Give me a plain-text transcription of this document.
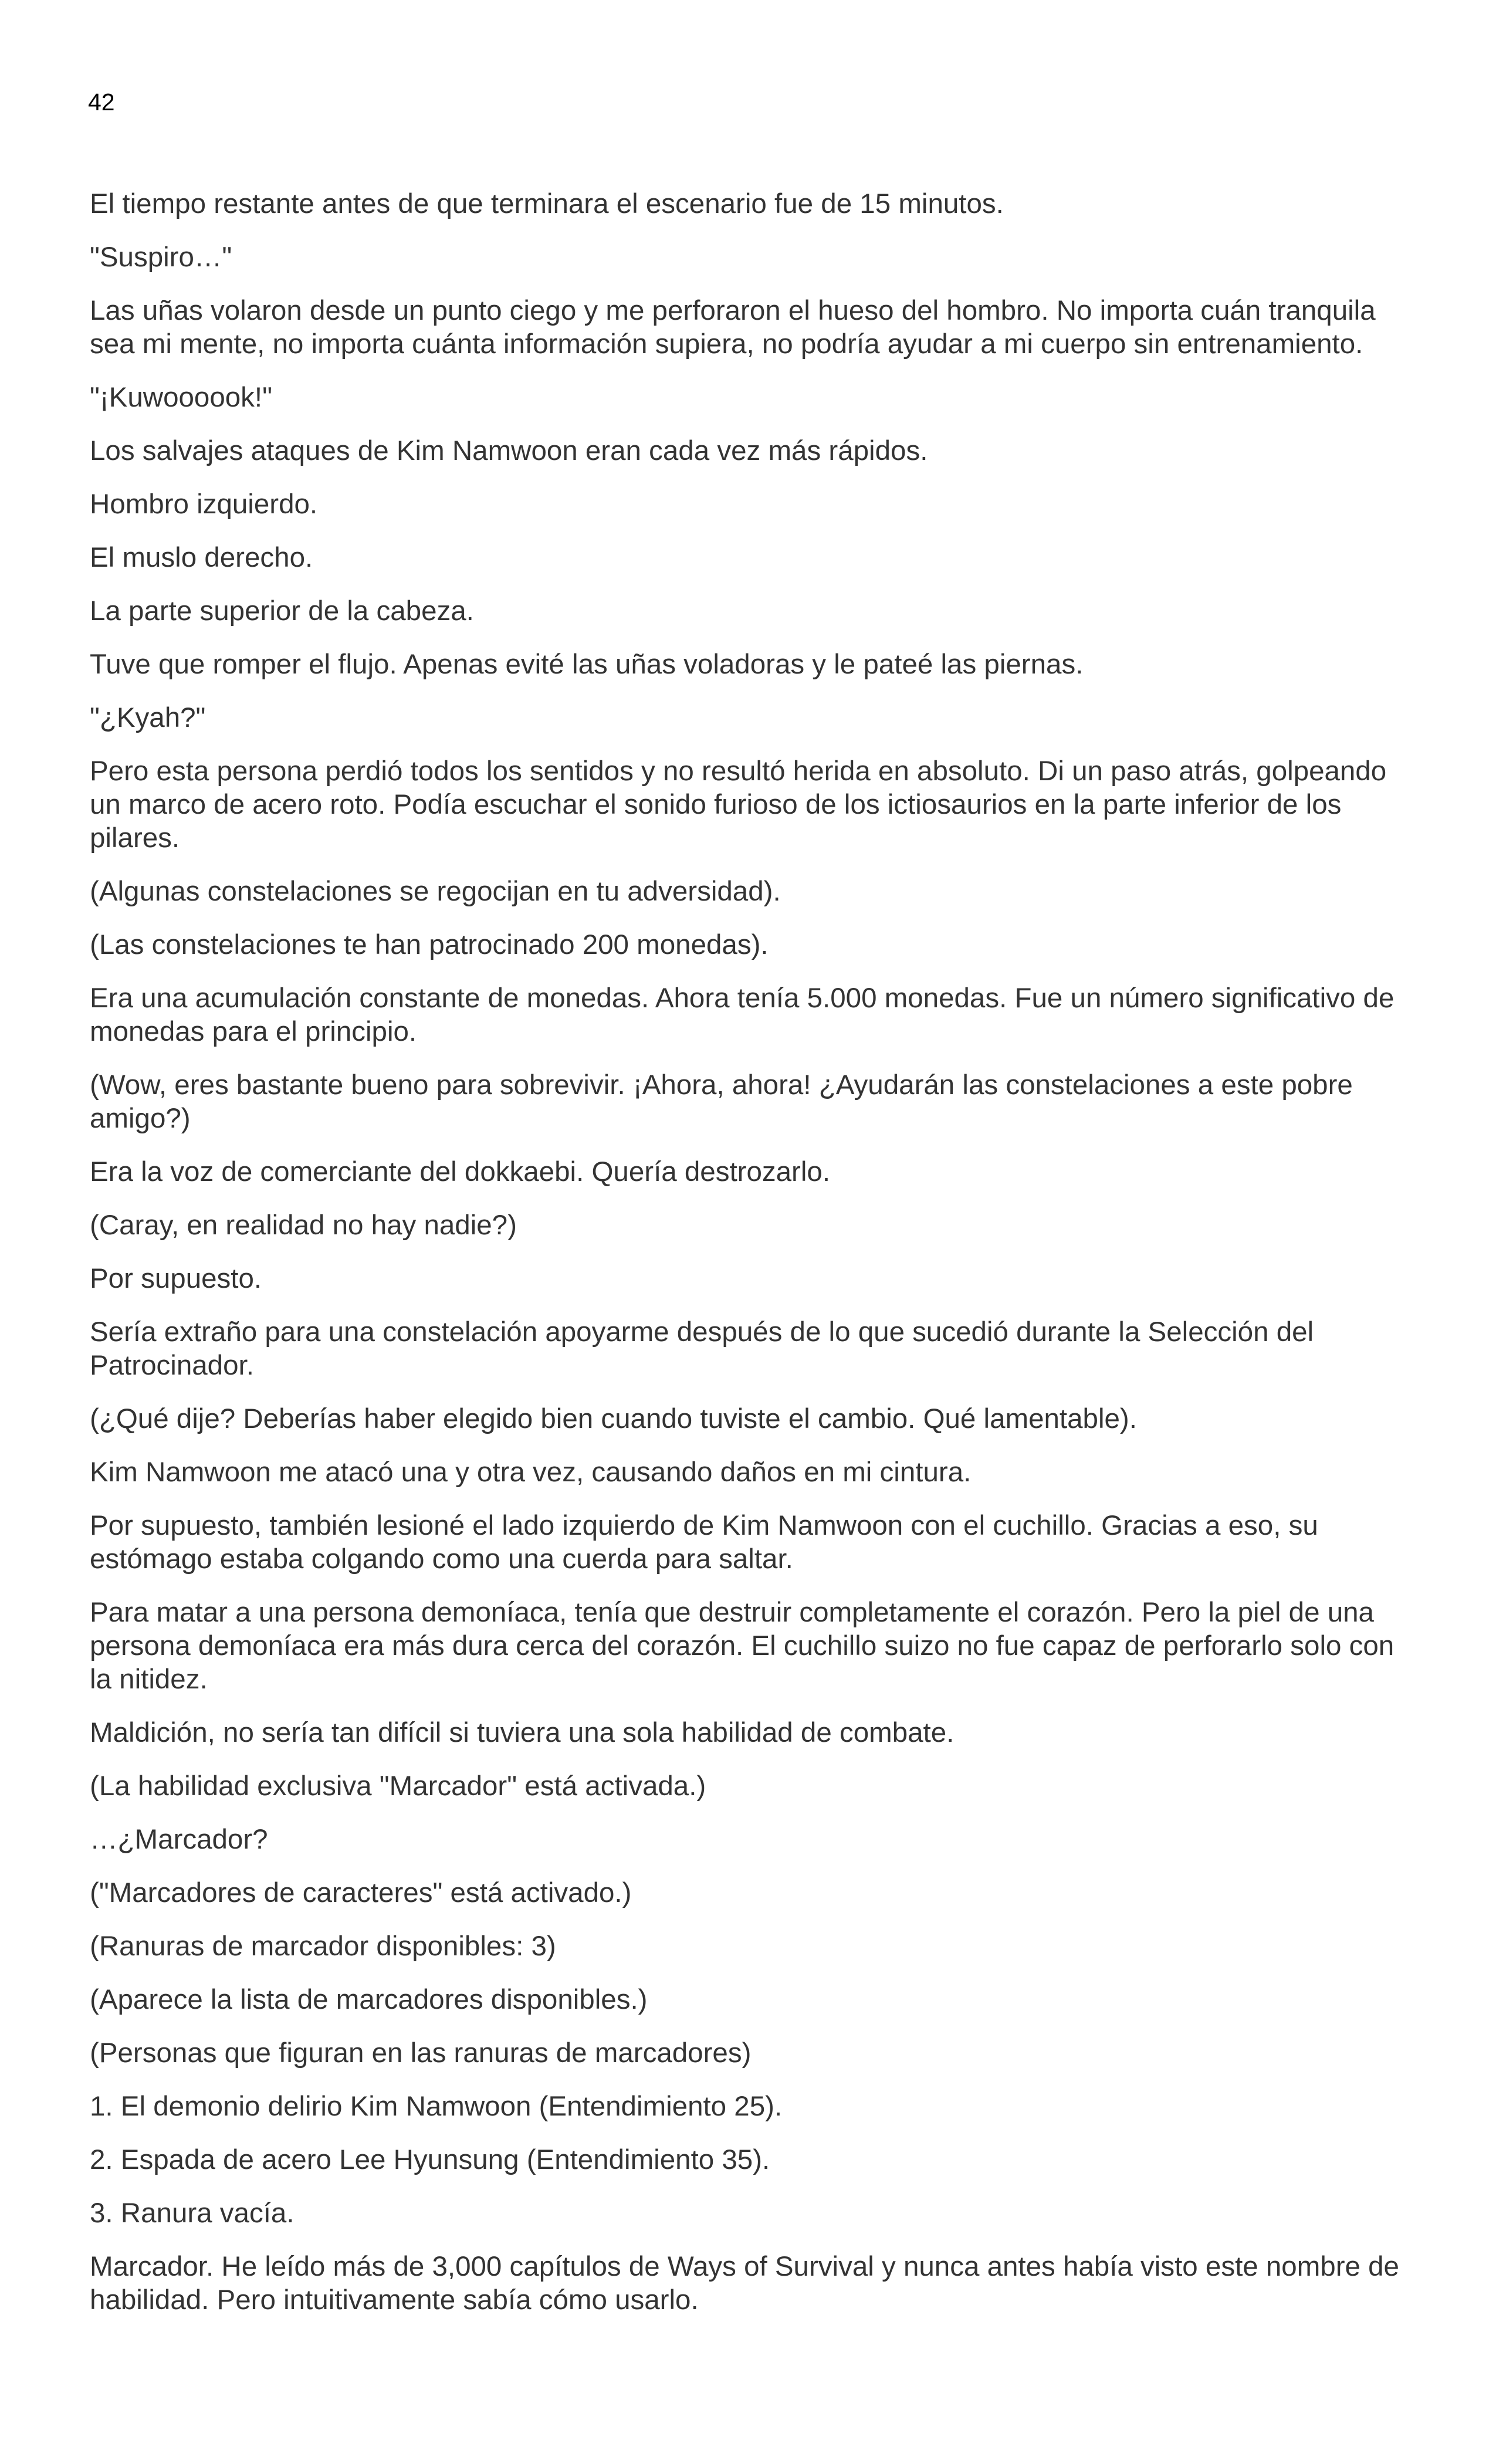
42

El tiempo restante antes de que terminara el escenario fue de 15 minutos.

"Suspiro…"

Las uñas volaron desde un punto ciego y me perforaron el hueso del hombro. No importa cuán tranquila sea mi mente, no importa cuánta información supiera, no podría ayudar a mi cuerpo sin entrenamiento.

"¡Kuwoooook!"

Los salvajes ataques de Kim Namwoon eran cada vez más rápidos.

Hombro izquierdo.

El muslo derecho.

La parte superior de la cabeza.

Tuve que romper el flujo. Apenas evité las uñas voladoras y le pateé las piernas.

"¿Kyah?"

Pero esta persona perdió todos los sentidos y no resultó herida en absoluto. Di un paso atrás, golpeando un marco de acero roto. Podía escuchar el sonido furioso de los ictiosaurios en la parte inferior de los pilares.

(Algunas constelaciones se regocijan en tu adversidad).

(Las constelaciones te han patrocinado 200 monedas).

Era una acumulación constante de monedas. Ahora tenía 5.000 monedas. Fue un número significativo de monedas para el principio.

(Wow, eres bastante bueno para sobrevivir. ¡Ahora, ahora! ¿Ayudarán las constelaciones a este pobre amigo?)

Era la voz de comerciante del dokkaebi. Quería destrozarlo.

(Caray, en realidad no hay nadie?)

Por supuesto.

Sería extraño para una constelación apoyarme después de lo que sucedió durante la Selección del Patrocinador.

(¿Qué dije? Deberías haber elegido bien cuando tuviste el cambio. Qué lamentable).

Kim Namwoon me atacó una y otra vez, causando daños en mi cintura.

Por supuesto, también lesioné el lado izquierdo de Kim Namwoon con el cuchillo. Gracias a eso, su estómago estaba colgando como una cuerda para saltar.

Para matar a una persona demoníaca, tenía que destruir completamente el corazón. Pero la piel de una persona demoníaca era más dura cerca del corazón. El cuchillo suizo no fue capaz de perforarlo solo con la nitidez.

Maldición, no sería tan difícil si tuviera una sola habilidad de combate.

(La habilidad exclusiva "Marcador" está activada.)

…¿Marcador?

("Marcadores de caracteres" está activado.)

(Ranuras de marcador disponibles: 3)

(Aparece la lista de marcadores disponibles.)

(Personas que figuran en las ranuras de marcadores)

1. El demonio delirio Kim Namwoon (Entendimiento 25).

2. Espada de acero Lee Hyunsung (Entendimiento 35).

3. Ranura vacía.

Marcador. He leído más de 3,000 capítulos de Ways of Survival y nunca antes había visto este nombre de habilidad. Pero intuitivamente sabía cómo usarlo.
